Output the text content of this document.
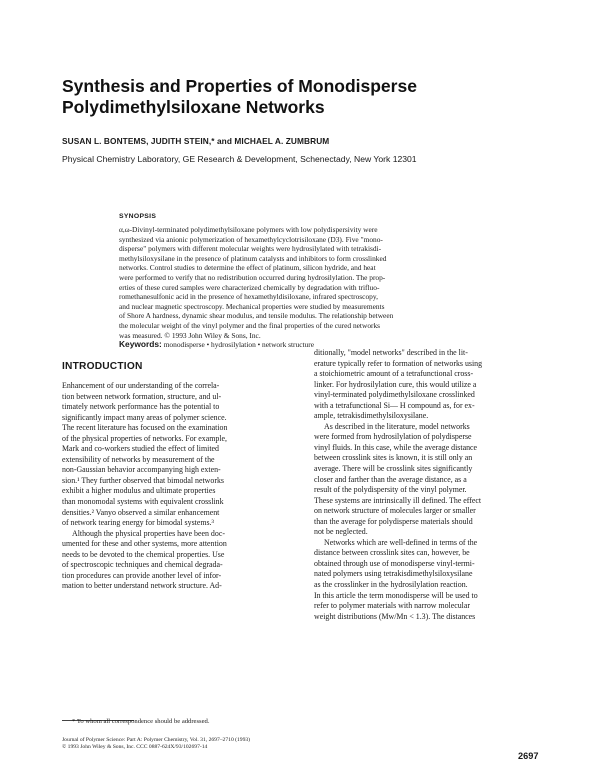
Synthesis and Properties of Monodisperse
Polydimethylsiloxane Networks
SUSAN L. BONTEMS, JUDITH STEIN,* and MICHAEL A. ZUMBRUM
Physical Chemistry Laboratory, GE Research & Development, Schenectady, New York 12301
SYNOPSIS
α,ω-Divinyl-terminated polydimethylsiloxane polymers with low polydispersivity were
synthesized via anionic polymerization of hexamethylcyclotrisiloxane (D3). Five "mono-
disperse" polymers with different molecular weights were hydrosilylated with tetrakisdi-
methylsiloxysilane in the presence of platinum catalysts and inhibitors to form crosslinked
networks. Control studies to determine the effect of platinum, silicon hydride, and heat
were performed to verify that no redistribution occurred during hydrosilylation. The prop-
erties of these cured samples were characterized chemically by degradation with trifluo-
romethanesulfonic acid in the presence of hexamethyldisiloxane, infrared spectroscopy,
and nuclear magnetic spectroscopy. Mechanical properties were studied by measurements
of Shore A hardness, dynamic shear modulus, and tensile modulus. The relationship between
the molecular weight of the vinyl polymer and the final properties of the cured networks
was measured. © 1993 John Wiley & Sons, Inc.
Keywords: monodisperse • hydrosilylation • network structure
INTRODUCTION
Enhancement of our understanding of the correla-
tion between network formation, structure, and ul-
timately network performance has the potential to
significantly impact many areas of polymer science.
The recent literature has focused on the examination
of the physical properties of networks. For example,
Mark and co-workers studied the effect of limited
extensibility of networks by measurement of the
non-Gaussian behavior accompanying high exten-
sion.¹ They further observed that bimodal networks
exhibit a higher modulus and ultimate properties
than monomodal systems with equivalent crosslink
densities.² Vanyo observed a similar enhancement
of network tearing energy for bimodal systems.³
Although the physical properties have been doc-
umented for these and other systems, more attention
needs to be devoted to the chemical properties. Use
of spectroscopic techniques and chemical degrada-
tion procedures can provide another level of infor-
mation to better understand network structure. Ad-
ditionally, "model networks" described in the lit-
erature typically refer to formation of networks using
a stoichiometric amount of a tetrafunctional cross-
linker. For hydrosilylation cure, this would utilize a
vinyl-terminated polydimethylsiloxane crosslinked
with a tetrafunctional Si— H compound as, for ex-
ample, tetrakisdimethylsiloxysilane.
As described in the literature, model networks
were formed from hydrosilylation of polydisperse
vinyl fluids. In this case, while the average distance
between crosslink sites is known, it is still only an
average. There will be crosslink sites significantly
closer and farther than the average distance, as a
result of the polydispersity of the vinyl polymer.
These systems are intrinsically ill defined. The effect
on network structure of molecules larger or smaller
than the average for polydisperse materials should
not be neglected.
Networks which are well-defined in terms of the
distance between crosslink sites can, however, be
obtained through use of monodisperse vinyl-termi-
nated polymers using tetrakisdimethylsiloxysilane
as the crosslinker in the hydrosilylation reaction.
In this article the term monodisperse will be used to
refer to polymer materials with narrow molecular
weight distributions (Mw/Mn < 1.3). The distances
* To whom all correspondence should be addressed.
Journal of Polymer Science: Part A: Polymer Chemistry, Vol. 31, 2697–2710 (1993)
© 1993 John Wiley & Sons, Inc. CCC 0887-624X/93/102697-14
2697
